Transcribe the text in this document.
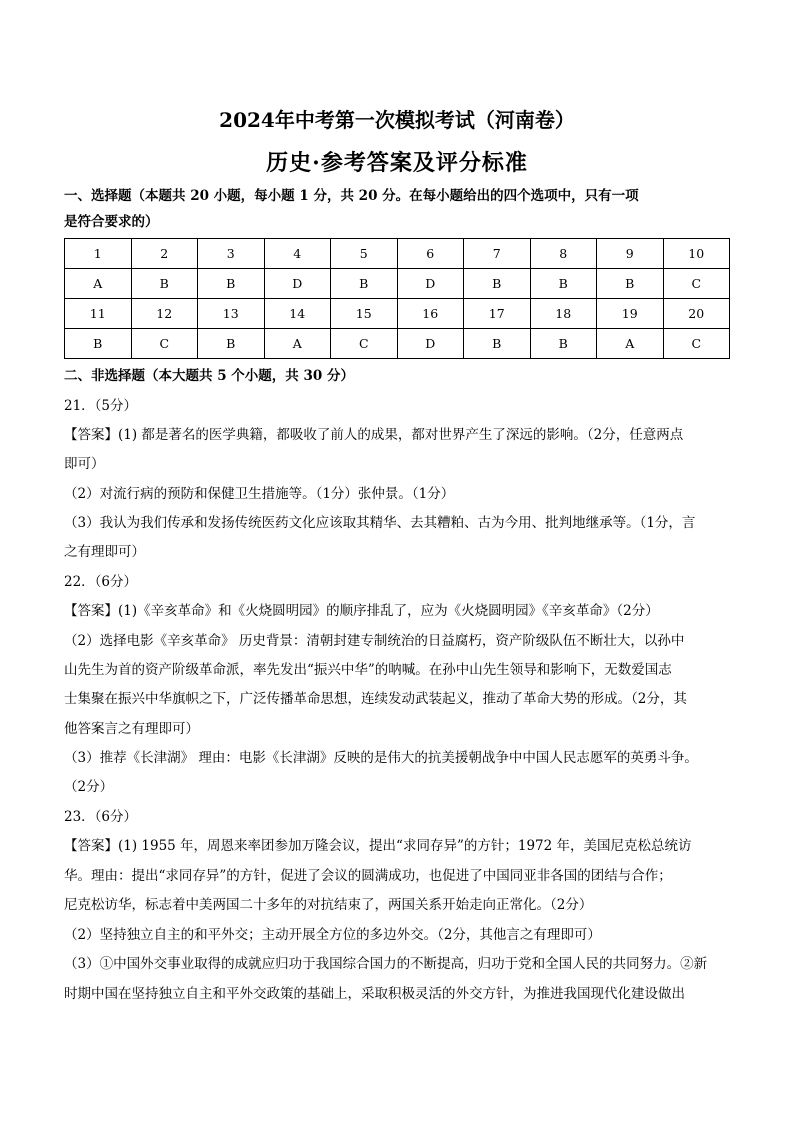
2024年中考第一次模拟考试（河南卷）
历史·参考答案及评分标准
一、选择题（本题共 20 小题，每小题 1 分，共 20 分。在每小题给出的四个选项中，只有一项
是符合要求的）
1	2	3	4	5	6	7	8	9	10
A	B	B	D	B	D	B	B	B	C
11	12	13	14	15	16	17	18	19	20
B	C	B	A	C	D	B	B	A	C
二、非选择题（本大题共 5 个小题，共 30 分）
21．（5分）
【答案】(1) 都是著名的医学典籍，都吸收了前人的成果，都对世界产生了深远的影响。（2分，任意两点
即可）
（2）对流行病的预防和保健卫生措施等。（1分）张仲景。（1分）
（3）我认为我们传承和发扬传统医药文化应该取其精华、去其糟粕、古为今用、批判地继承等。（1分，言
之有理即可）
22．（6分）
【答案】(1)《辛亥革命》和《火烧圆明园》的顺序排乱了，应为《火烧圆明园》《辛亥革命》（2分）
（2）选择电影《辛亥革命》 历史背景：清朝封建专制统治的日益腐朽，资产阶级队伍不断壮大，以孙中
山先生为首的资产阶级革命派，率先发出“振兴中华”的呐喊。在孙中山先生领导和影响下，无数爱国志
士集聚在振兴中华旗帜之下，广泛传播革命思想，连续发动武装起义，推动了革命大势的形成。（2分，其
他答案言之有理即可）
（3）推荐《长津湖》 理由：电影《长津湖》反映的是伟大的抗美援朝战争中中国人民志愿军的英勇斗争。
（2分）
23．（6分）
【答案】(1) 1955 年，周恩来率团参加万隆会议，提出“求同存异”的方针；1972 年，美国尼克松总统访
华。理由：提出“求同存异”的方针，促进了会议的圆满成功，也促进了中国同亚非各国的团结与合作；
尼克松访华，标志着中美两国二十多年的对抗结束了，两国关系开始走向正常化。（2分）
（2）坚持独立自主的和平外交；主动开展全方位的多边外交。（2分，其他言之有理即可）
（3）①中国外交事业取得的成就应归功于我国综合国力的不断提高，归功于党和全国人民的共同努力。②新
时期中国在坚持独立自主和平外交政策的基础上，采取积极灵活的外交方针，为推进我国现代化建设做出
